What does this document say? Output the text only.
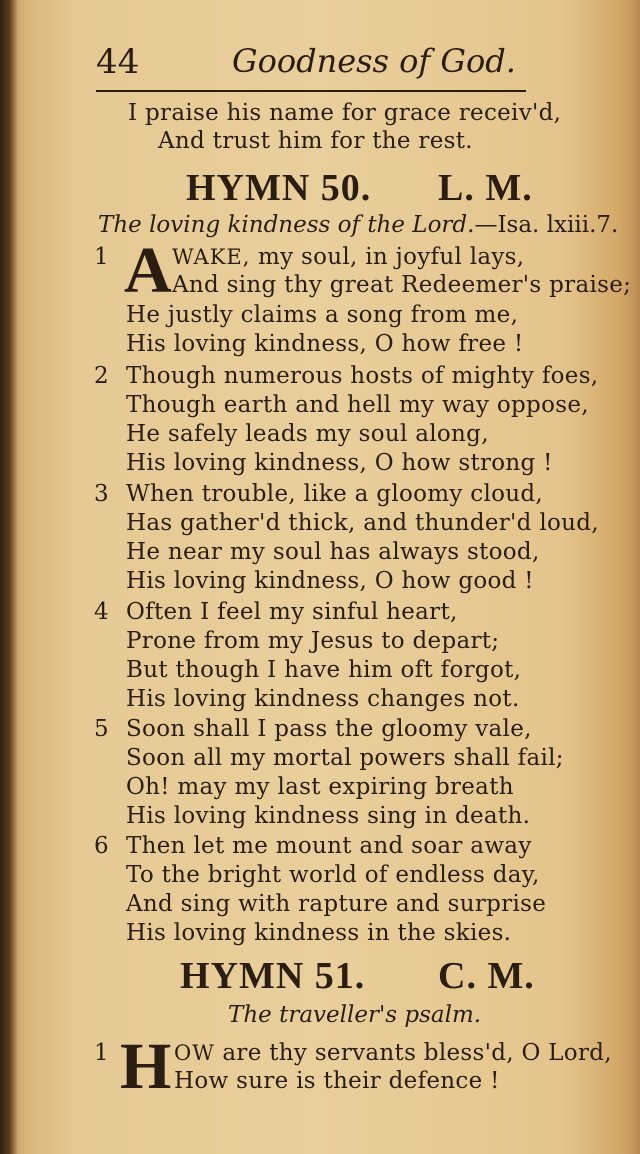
44	Goodness of God.
I praise his name for grace receiv'd,
And trust him for the rest.
HYMN 50. L. M.
The loving kindness of the Lord.—Isa. lxiii.7.
1
2
3
4
5
6
A WAKE, my soul, in joyful lays,
And sing thy great Redeemer's praise;
He justly claims a song from me,
His loving kindness, O how free !
Though numerous hosts of mighty foes,
Though earth and hell my way oppose,
He safely leads my soul along,
His loving kindness, O how strong !
When trouble, like a gloomy cloud,
Has gather'd thick, and thunder'd loud,
He near my soul has always stood,
His loving kindness, O how good !
Often I feel my sinful heart,
Prone from my Jesus to depart;
But though I have him oft forgot,
His loving kindness changes not.
Soon shall I pass the gloomy vale,
Soon all my mortal powers shall fail;
Oh! may my last expiring breath
His loving kindness sing in death.
Then let me mount and soar away
To the bright world of endless day,
And sing with rapture and surprise
His loving kindness in the skies.
HYMN 51. C. M.
The traveller's psalm.
1 H OW are thy servants bless'd, O Lord,
How sure is their defence !
